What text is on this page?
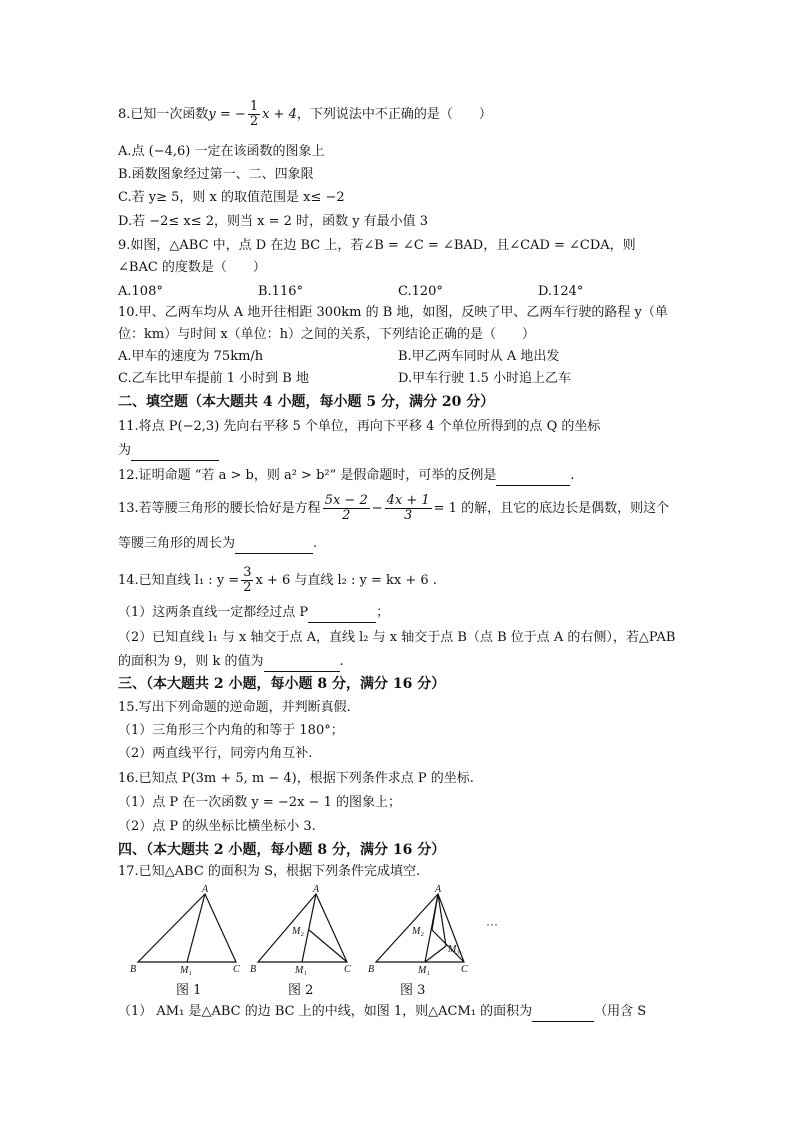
8.已知一次函数y = − $\frac{1}{2}$ x + 4，下列说法中不正确的是（　　）
A.点 (−4,6) 一定在该函数的图象上
B.函数图象经过第一、二、四象限
C.若 y≥ 5，则 x 的取值范围是 x≤ −2
D.若 −2≤ x≤ 2，则当 x = 2 时，函数 y 有最小值 3
9.如图，△ABC 中，点 D 在边 BC 上，若∠B = ∠C = ∠BAD，且∠CAD = ∠CDA，则
∠BAC 的度数是（　　）
A.108°	B.116°	C.120°	D.124°
10.甲、乙两车均从 A 地开往相距 300km 的 B 地，如图，反映了甲、乙两车行驶的路程 y（单
位：km）与时间 x（单位：h）之间的关系，下列结论正确的是（　　）
A.甲车的速度为 75km/h	B.甲乙两车同时从 A 地出发
C.乙车比甲车提前 1 小时到 B 地	D.甲车行驶 1.5 小时追上乙车
二、填空题（本大题共 4 小题，每小题 5 分，满分 20 分）
11.将点 P(−2,3) 先向右平移 5 个单位，再向下平移 4 个单位所得到的点 Q 的坐标
为
12.证明命题 “若 a > b，则 a² > b²” 是假命题时，可举的反例是	.
13.若等腰三角形的腰长恰好是方程 $\frac{5x - 2}{2} - \frac{4x + 1}{3} = 1$ 的解，且它的底边长是偶数，则这个
等腰三角形的周长为	.
14.已知直线 l₁ : $y = \frac{3}{2}$ x + 6 与直线 l₂ : y = kx + 6 .
（1）这两条直线一定都经过点 P	；
（2）已知直线 l₁ 与 x 轴交于点 A，直线 l₂ 与 x 轴交于点 B（点 B 位于点 A 的右侧），若△PAB
的面积为 9，则 k 的值为	.
三、（本大题共 2 小题，每小题 8 分，满分 16 分）
15.写出下列命题的逆命题，并判断真假.
（1）三角形三个内角的和等于 180°；
（2）两直线平行，同旁内角互补.
16.已知点 P(3m + 5, m − 4)，根据下列条件求点 P 的坐标.
（1）点 P 在一次函数 y = −2x − 1 的图象上；
（2）点 P 的纵坐标比横坐标小 3.
四、（本大题共 2 小题，每小题 8 分，满分 16 分）
17.已知△ABC 的面积为 S，根据下列条件完成填空.
A
B	M₁	C
A
B	M₁
M₂
C
A
B	M₁
M₂
M₃
C
···
图 1	图 2	图 3
（1） AM₁ 是△ABC 的边 BC 上的中线，如图 1，则△ACM₁ 的面积为	（用含 S
